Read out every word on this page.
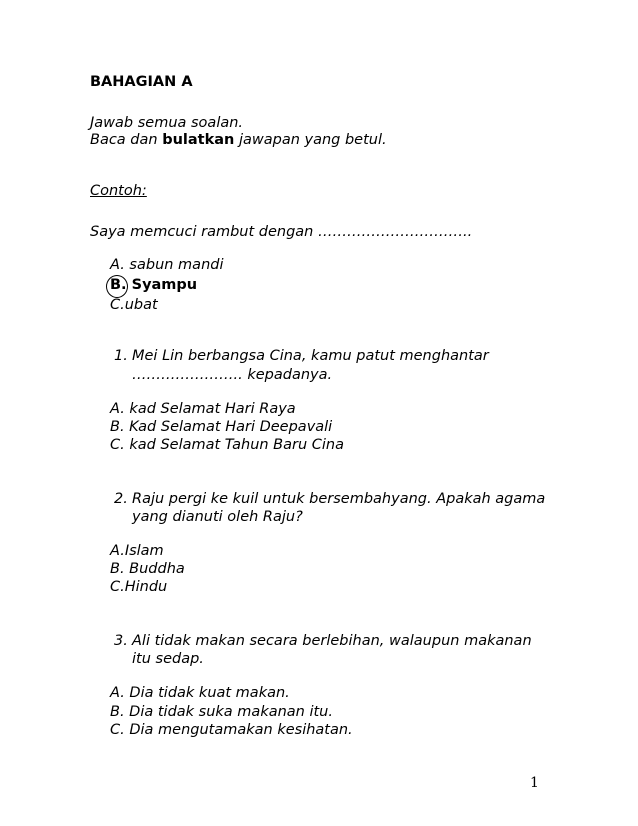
BAHAGIAN A
Jawab semua soalan.
Baca dan bulatkan jawapan yang betul.
Contoh:
Saya memcuci rambut dengan …………………………..
A. sabun mandi
B. Syampu
C.ubat
1. Mei Lin berbangsa Cina, kamu patut menghantar
………………….. kepadanya.
A. kad Selamat Hari Raya
B. Kad Selamat Hari Deepavali
C. kad Selamat Tahun Baru Cina
2. Raju pergi ke kuil untuk bersembahyang. Apakah agama
yang dianuti oleh Raju?
A.Islam
B. Buddha
C.Hindu
3. Ali tidak makan secara berlebihan, walaupun makanan
itu sedap.
A. Dia tidak kuat makan.
B. Dia tidak suka makanan itu.
C. Dia mengutamakan kesihatan.
1
